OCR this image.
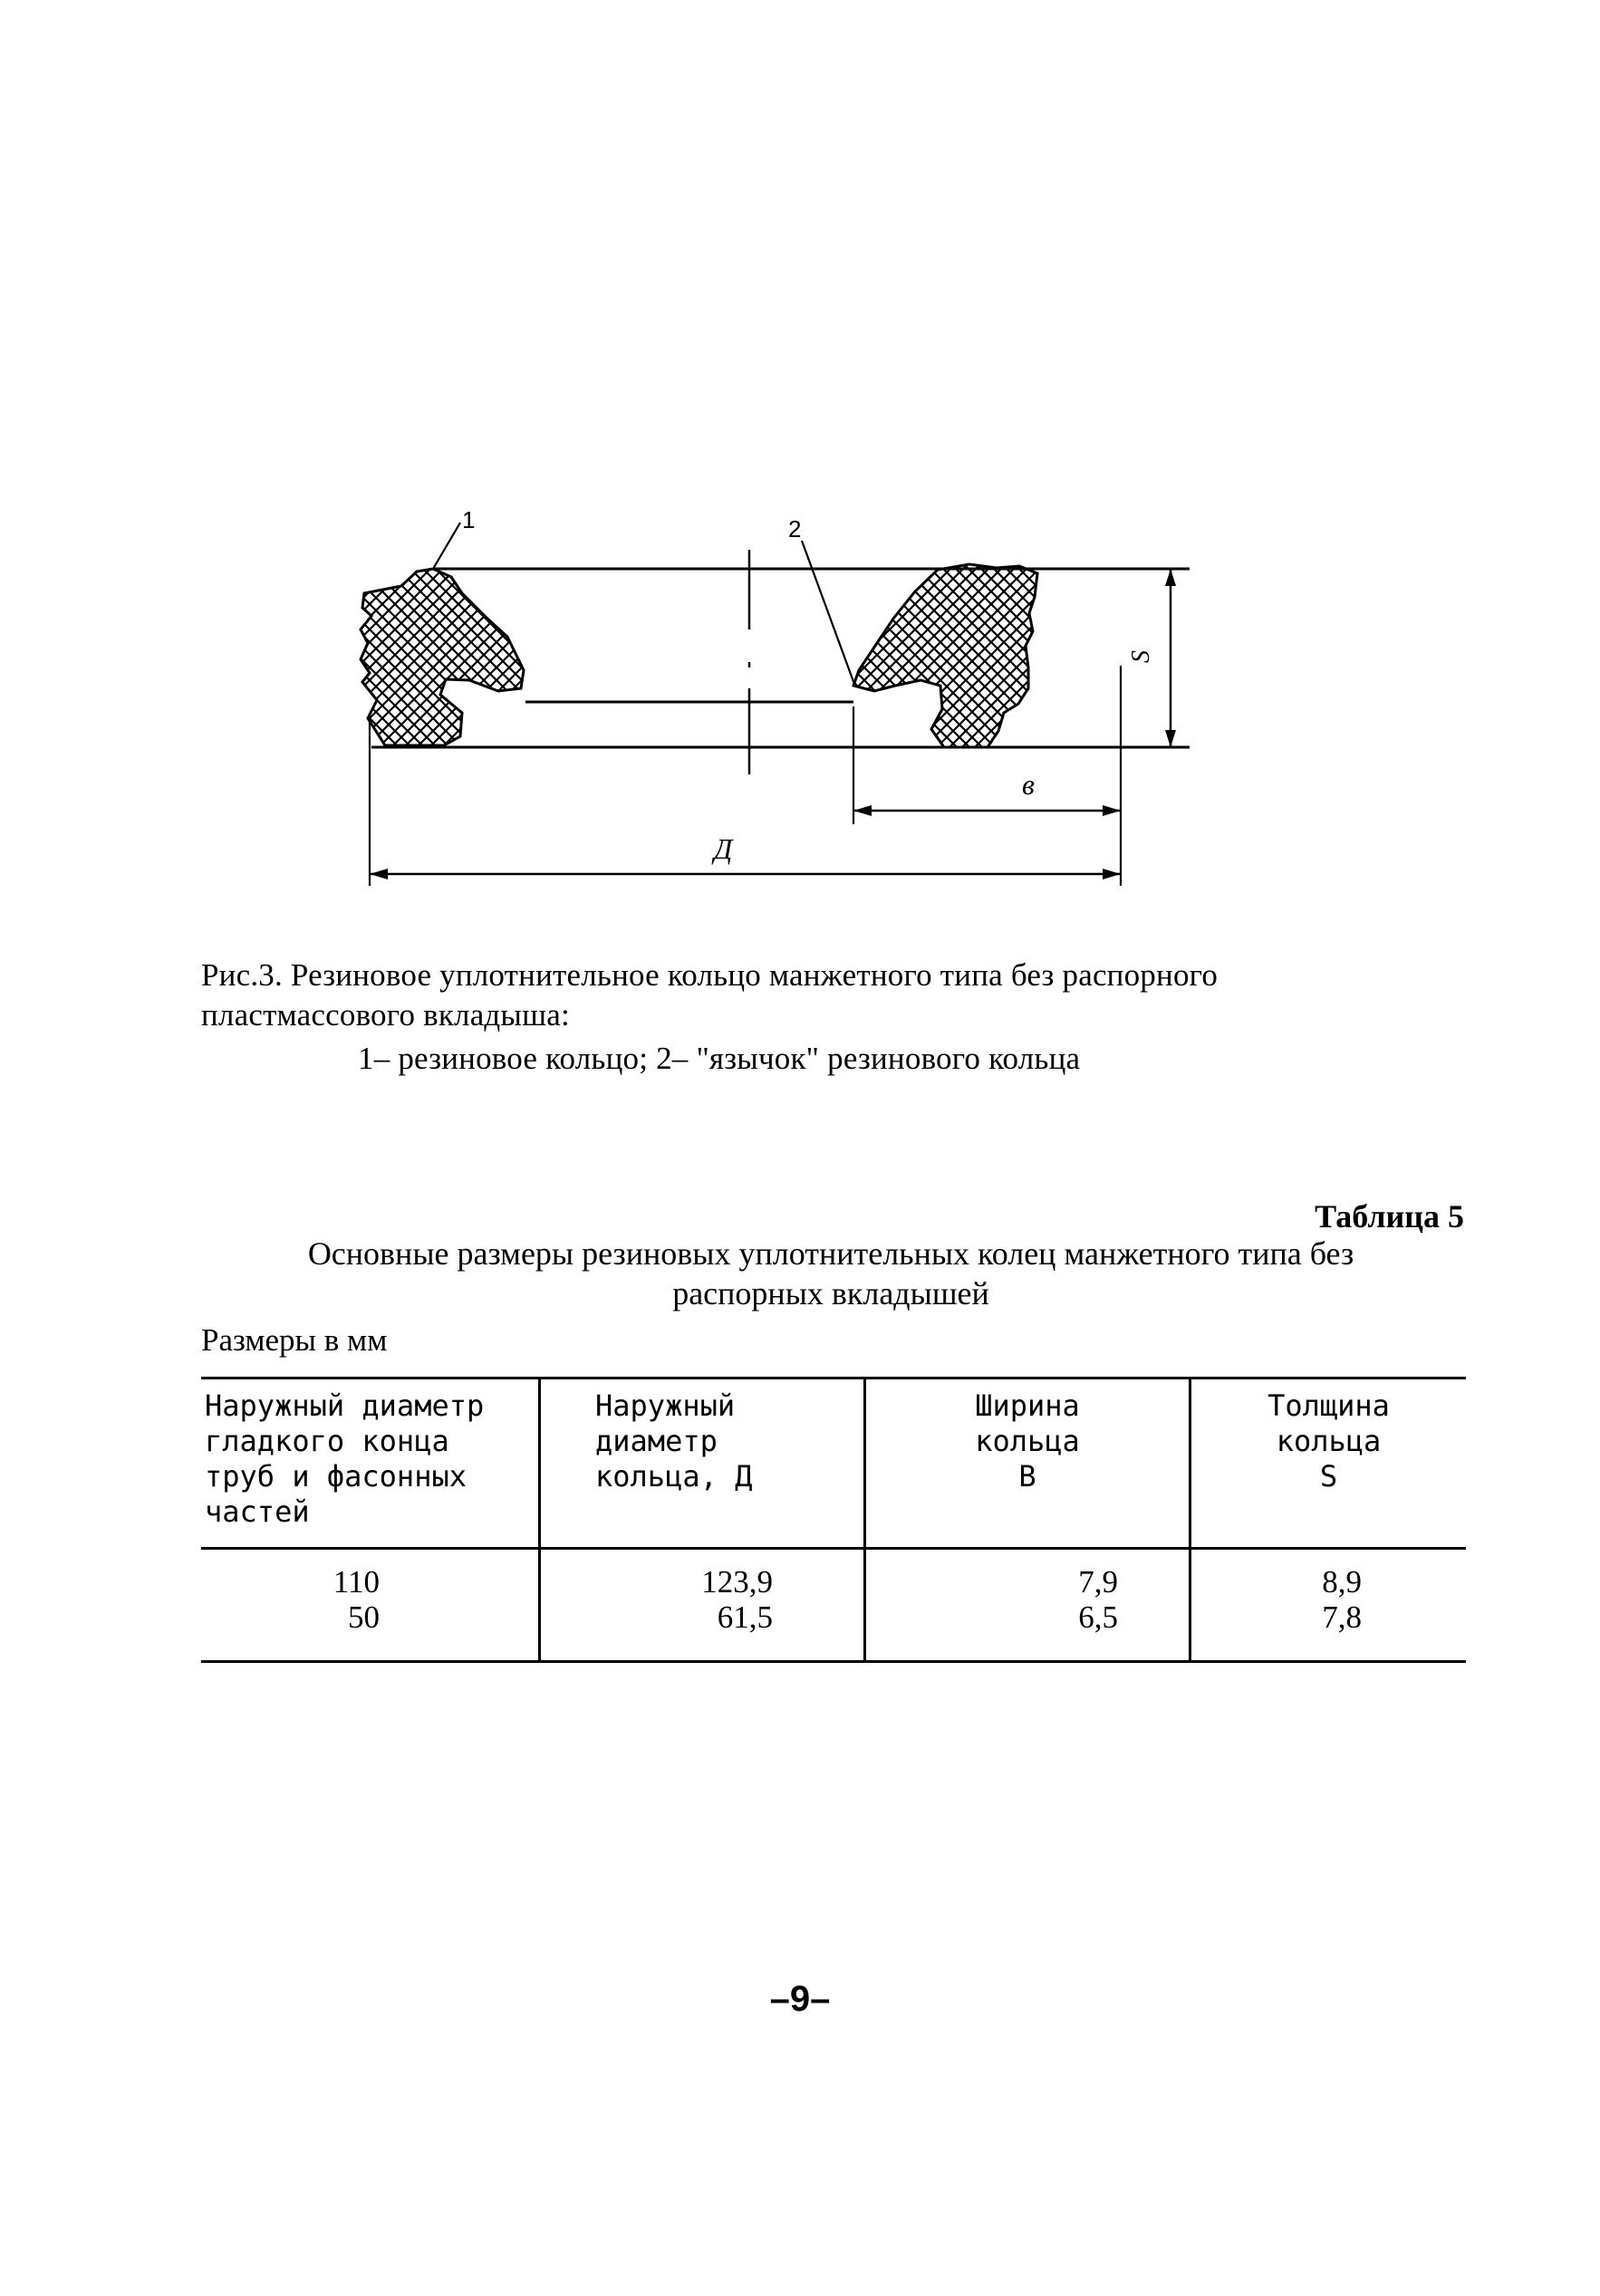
1	2
S
в
Д
Рис.3. Резиновое уплотнительное кольцо манжетного типа без распорного
пластмассового вкладыша:
1– резиновое кольцо; 2– "язычок" резинового кольца
Таблица 5
Основные размеры резиновых уплотнительных колец манжетного типа без
распорных вкладышей
Размеры в мм
Наружный диаметр
гладкого конца
труб и фасонных
частей
Наружный
диаметр
кольца, Д
Ширина
кольца
В
Толщина
кольца
S
110
50
123,9
61,5
7,9
6,5
8,9
7,8
–9–
